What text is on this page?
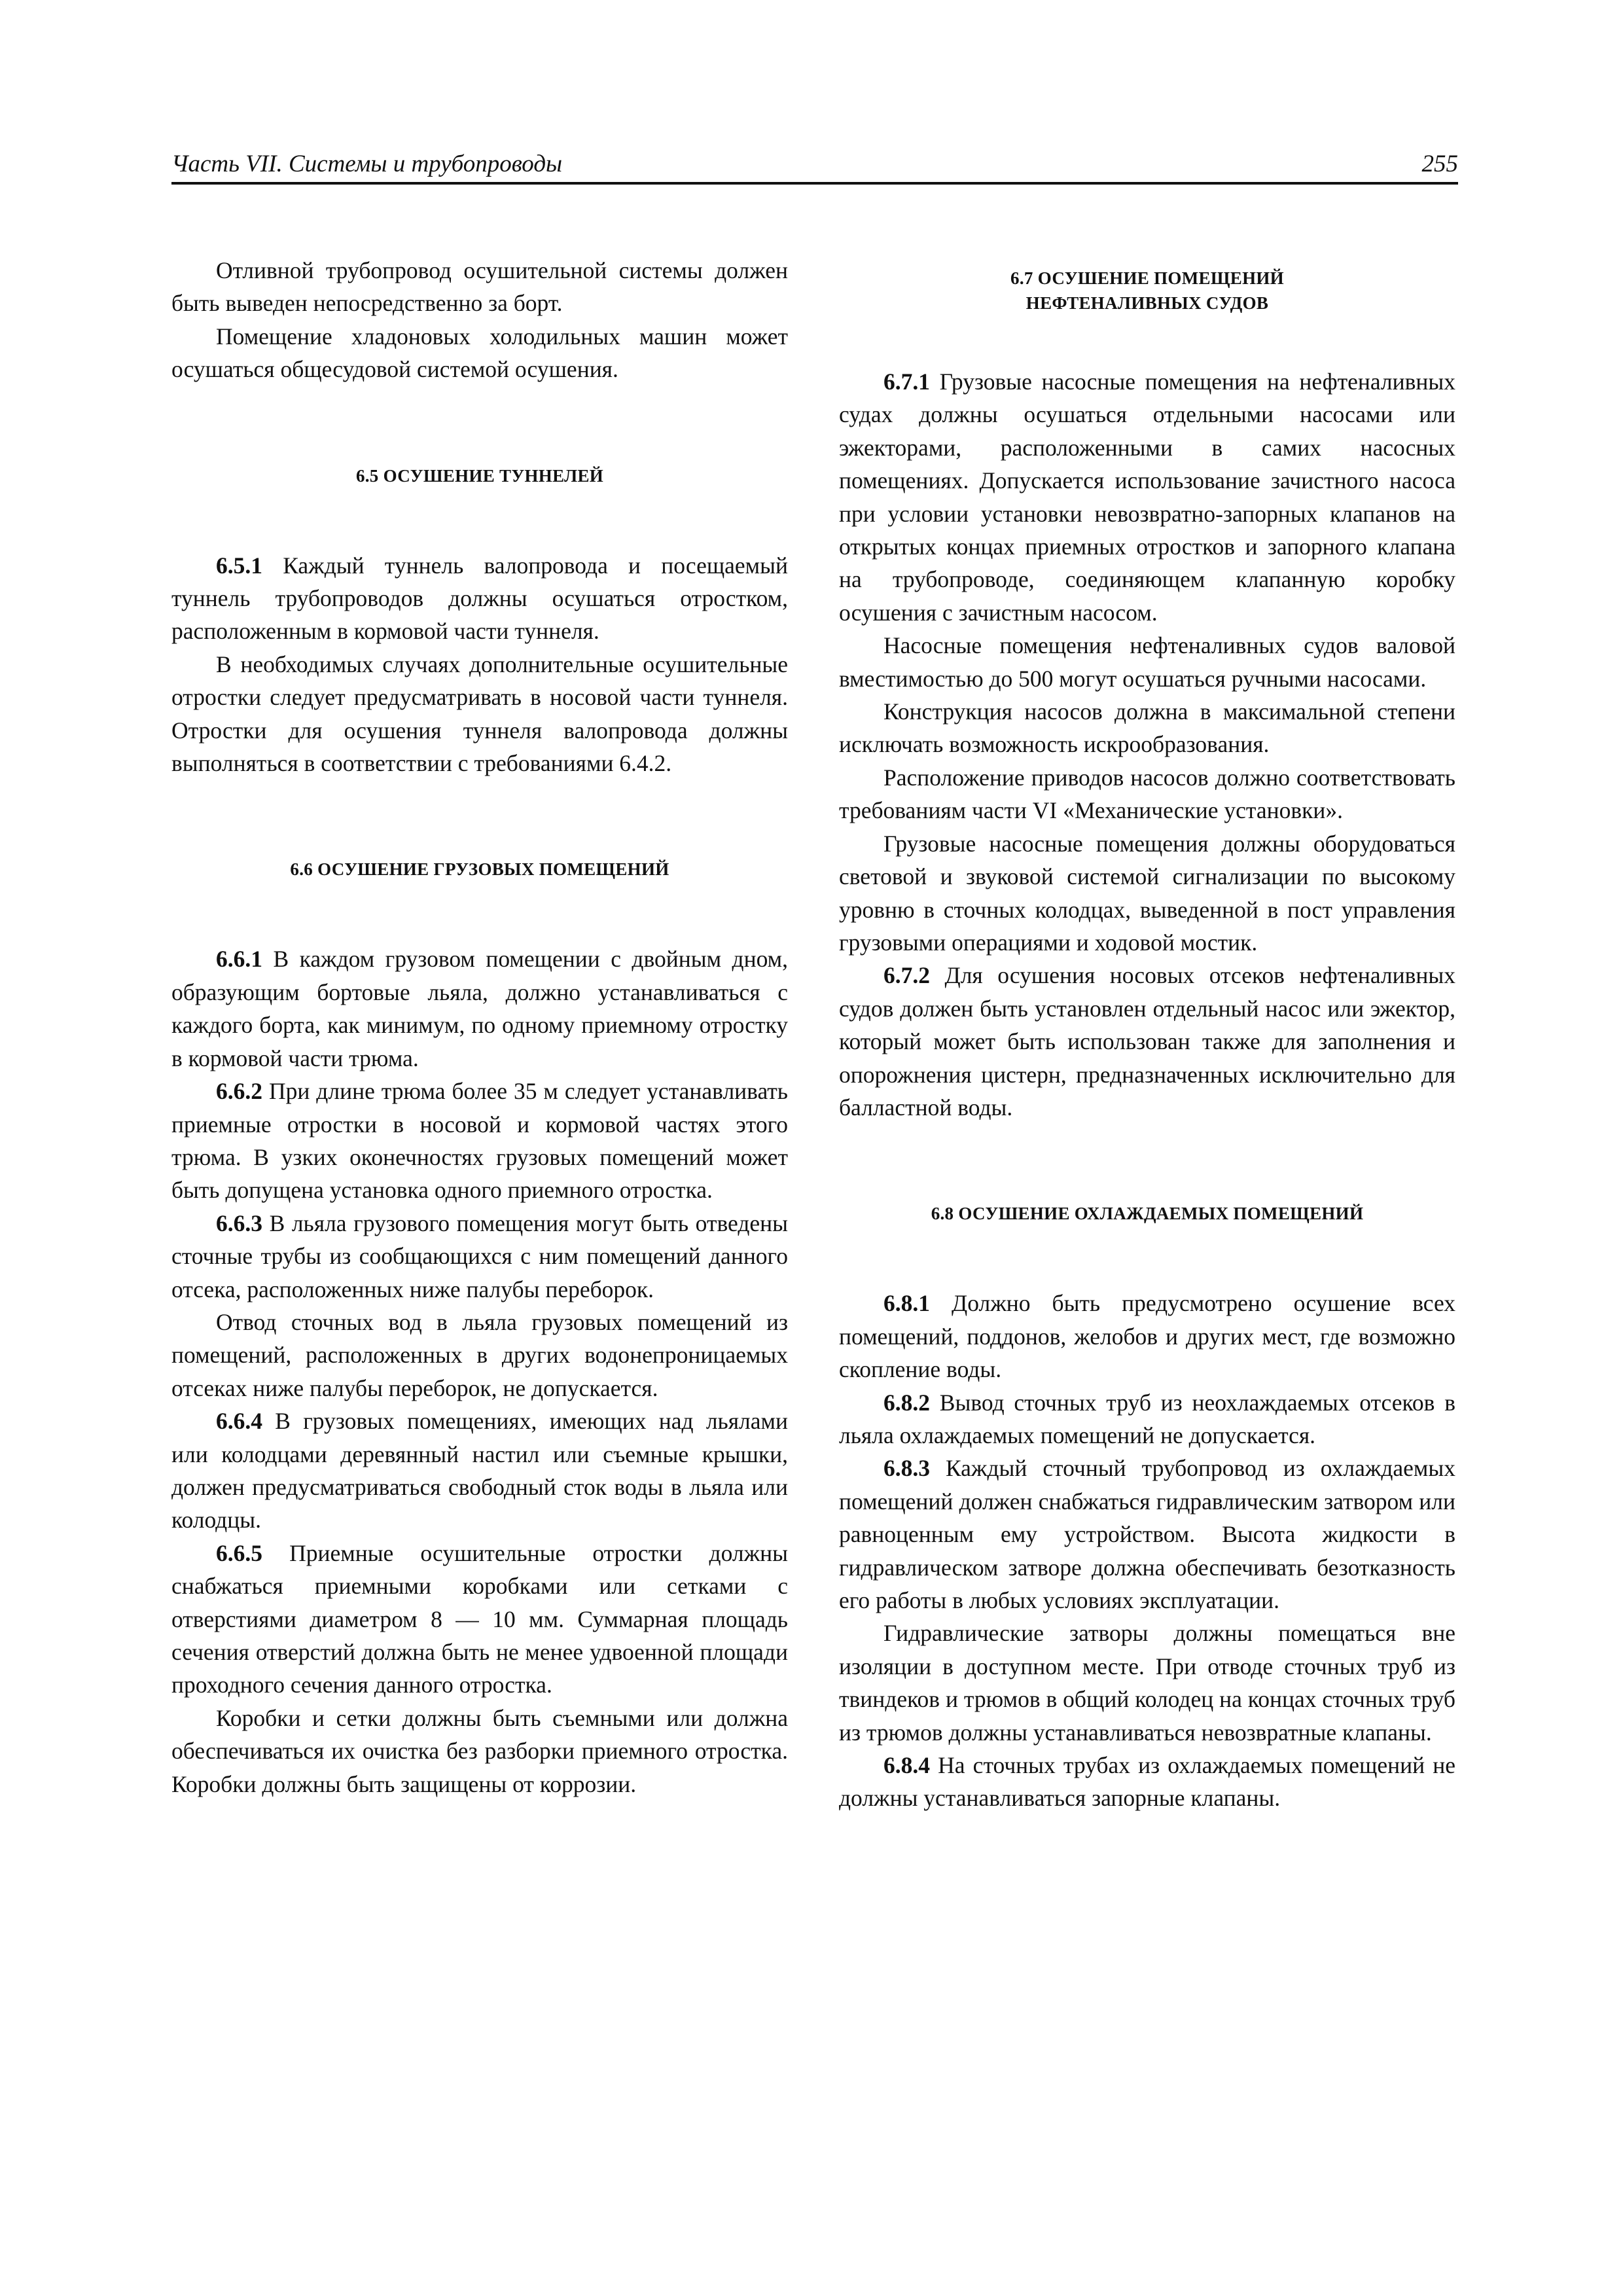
Часть VII. Системы и трубопроводы	255

Отливной трубопровод осушительной системы должен быть выведен непосредственно за борт.

Помещение хладоновых холодильных машин может осушаться общесудовой системой осушения.

6.5 ОСУШЕНИЕ ТУННЕЛЕЙ

6.5.1 Каждый туннель валопровода и посещаемый туннель трубопроводов должны осушаться отростком, расположенным в кормовой части туннеля.

В необходимых случаях дополнительные осушительные отростки следует предусматривать в носовой части туннеля. Отростки для осушения туннеля валопровода должны выполняться в соответствии с требованиями 6.4.2.

6.6 ОСУШЕНИЕ ГРУЗОВЫХ ПОМЕЩЕНИЙ

6.6.1 В каждом грузовом помещении с двойным дном, образующим бортовые льяла, должно устанавливаться с каждого борта, как минимум, по одному приемному отростку в кормовой части трюма.

6.6.2 При длине трюма более 35 м следует устанавливать приемные отростки в носовой и кормовой частях этого трюма. В узких оконечностях грузовых помещений может быть допущена установка одного приемного отростка.

6.6.3 В льяла грузового помещения могут быть отведены сточные трубы из сообщающихся с ним помещений данного отсека, расположенных ниже палубы переборок.

Отвод сточных вод в льяла грузовых помещений из помещений, расположенных в других водонепроницаемых отсеках ниже палубы переборок, не допускается.

6.6.4 В грузовых помещениях, имеющих над льялами или колодцами деревянный настил или съемные крышки, должен предусматриваться свободный сток воды в льяла или колодцы.

6.6.5 Приемные осушительные отростки должны снабжаться приемными коробками или сетками с отверстиями диаметром 8 — 10 мм. Суммарная площадь сечения отверстий должна быть не менее удвоенной площади проходного сечения данного отростка.

Коробки и сетки должны быть съемными или должна обеспечиваться их очистка без разборки приемного отростка. Коробки должны быть защищены от коррозии.

6.7 ОСУШЕНИЕ ПОМЕЩЕНИЙ НЕФТЕНАЛИВНЫХ СУДОВ

6.7.1 Грузовые насосные помещения на нефтеналивных судах должны осушаться отдельными насосами или эжекторами, расположенными в самих насосных помещениях. Допускается использование зачистного насоса при условии установки невозвратно-запорных клапанов на открытых концах приемных отростков и запорного клапана на трубопроводе, соединяющем клапанную коробку осушения с зачистным насосом.

Насосные помещения нефтеналивных судов валовой вместимостью до 500 могут осушаться ручными насосами.

Конструкция насосов должна в максимальной степени исключать возможность искрообразования.

Расположение приводов насосов должно соответствовать требованиям части VI «Механические установки».

Грузовые насосные помещения должны оборудоваться световой и звуковой системой сигнализации по высокому уровню в сточных колодцах, выведенной в пост управления грузовыми операциями и ходовой мостик.

6.7.2 Для осушения носовых отсеков нефтеналивных судов должен быть установлен отдельный насос или эжектор, который может быть использован также для заполнения и опорожнения цистерн, предназначенных исключительно для балластной воды.

6.8 ОСУШЕНИЕ ОХЛАЖДАЕМЫХ ПОМЕЩЕНИЙ

6.8.1 Должно быть предусмотрено осушение всех помещений, поддонов, желобов и других мест, где возможно скопление воды.

6.8.2 Вывод сточных труб из неохлаждаемых отсеков в льяла охлаждаемых помещений не допускается.

6.8.3 Каждый сточный трубопровод из охлаждаемых помещений должен снабжаться гидравлическим затвором или равноценным ему устройством. Высота жидкости в гидравлическом затворе должна обеспечивать безотказность его работы в любых условиях эксплуатации.

Гидравлические затворы должны помещаться вне изоляции в доступном месте. При отводе сточных труб из твиндеков и трюмов в общий колодец на концах сточных труб из трюмов должны устанавливаться невозвратные клапаны.

6.8.4 На сточных трубах из охлаждаемых помещений не должны устанавливаться запорные клапаны.
